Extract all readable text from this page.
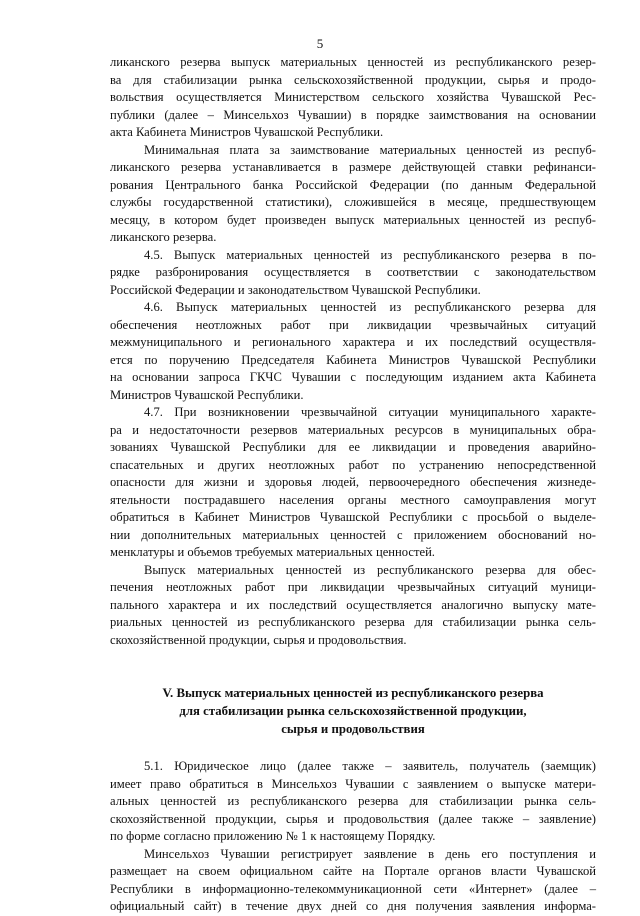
5
ликанского резерва выпуск материальных ценностей из республиканского резер-
ва для стабилизации рынка сельскохозяйственной продукции, сырья и продо-
вольствия осуществляется Министерством сельского хозяйства Чувашской Рес-
публики (далее – Минсельхоз Чувашии) в порядке заимствования на основании
акта Кабинета Министров Чувашской Республики.
Минимальная плата за заимствование материальных ценностей из респуб-
ликанского резерва устанавливается в размере действующей ставки рефинанси-
рования Центрального банка Российской Федерации (по данным Федеральной
службы государственной статистики), сложившейся в месяце, предшествующем
месяцу, в котором будет произведен выпуск материальных ценностей из респуб-
ликанского резерва.
4.5. Выпуск материальных ценностей из республиканского резерва в по-
рядке разбронирования осуществляется в соответствии с законодательством
Российской Федерации и законодательством Чувашской Республики.
4.6. Выпуск материальных ценностей из республиканского резерва для
обеспечения неотложных работ при ликвидации чрезвычайных ситуаций
межмуниципального и регионального характера и их последствий осуществля-
ется по поручению Председателя Кабинета Министров Чувашской Республики
на основании запроса ГКЧС Чувашии с последующим изданием акта Кабинета
Министров Чувашской Республики.
4.7. При возникновении чрезвычайной ситуации муниципального характе-
ра и недостаточности резервов материальных ресурсов в муниципальных обра-
зованиях Чувашской Республики для ее ликвидации и проведения аварийно-
спасательных и других неотложных работ по устранению непосредственной
опасности для жизни и здоровья людей, первоочередного обеспечения жизнеде-
ятельности пострадавшего населения органы местного самоуправления могут
обратиться в Кабинет Министров Чувашской Республики с просьбой о выделе-
нии дополнительных материальных ценностей с приложением обоснований но-
менклатуры и объемов требуемых материальных ценностей.
Выпуск материальных ценностей из республиканского резерва для обес-
печения неотложных работ при ликвидации чрезвычайных ситуаций муници-
пального характера и их последствий осуществляется аналогично выпуску мате-
риальных ценностей из республиканского резерва для стабилизации рынка сель-
скохозяйственной продукции, сырья и продовольствия.
V. Выпуск материальных ценностей из республиканского резерва
для стабилизации рынка сельскохозяйственной продукции,
сырья и продовольствия
5.1. Юридическое лицо (далее также – заявитель, получатель (заемщик)
имеет право обратиться в Минсельхоз Чувашии с заявлением о выпуске матери-
альных ценностей из республиканского резерва для стабилизации рынка сель-
скохозяйственной продукции, сырья и продовольствия (далее также – заявление)
по форме согласно приложению № 1 к настоящему Порядку.
Минсельхоз Чувашии регистрирует заявление в день его поступления и
размещает на своем официальном сайте на Портале органов власти Чувашской
Республики в информационно-телекоммуникационной сети «Интернет» (далее –
официальный сайт) в течение двух дней со дня получения заявления информа-
